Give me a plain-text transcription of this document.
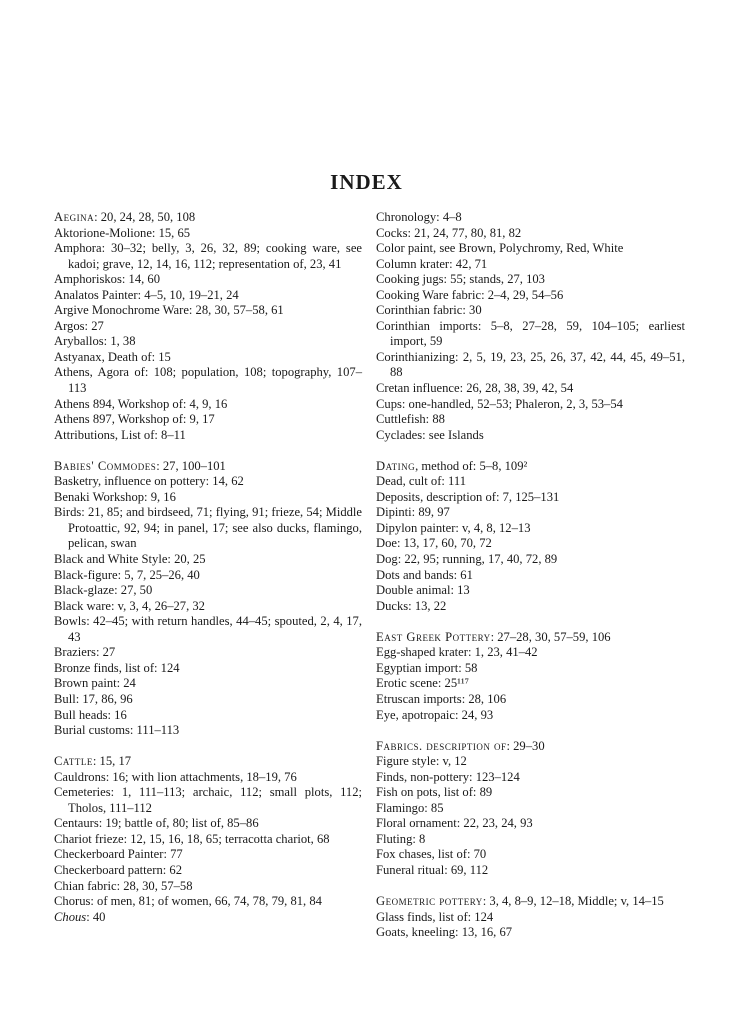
INDEX
Aegina: 20, 24, 28, 50, 108
Aktorione-Molione: 15, 65
Amphora: 30–32; belly, 3, 26, 32, 89; cooking ware, see kadoi; grave, 12, 14, 16, 112; representation of, 23, 41
Amphoriskos: 14, 60
Analatos Painter: 4–5, 10, 19–21, 24
Argive Monochrome Ware: 28, 30, 57–58, 61
Argos: 27
Aryballos: 1, 38
Astyanax, Death of: 15
Athens, Agora of: 108; population, 108; topography, 107–113
Athens 894, Workshop of: 4, 9, 16
Athens 897, Workshop of: 9, 17
Attributions, List of: 8–11
Babies' Commodes: 27, 100–101
Basketry, influence on pottery: 14, 62
Benaki Workshop: 9, 16
Birds: 21, 85; and birdseed, 71; flying, 91; frieze, 54; Middle Protoattic, 92, 94; in panel, 17; see also ducks, flamingo, pelican, swan
Black and White Style: 20, 25
Black-figure: 5, 7, 25–26, 40
Black-glaze: 27, 50
Black ware: v, 3, 4, 26–27, 32
Bowls: 42–45; with return handles, 44–45; spouted, 2, 4, 17, 43
Braziers: 27
Bronze finds, list of: 124
Brown paint: 24
Bull: 17, 86, 96
Bull heads: 16
Burial customs: 111–113
Cattle: 15, 17
Cauldrons: 16; with lion attachments, 18–19, 76
Cemeteries: 1, 111–113; archaic, 112; small plots, 112; Tholos, 111–112
Centaurs: 19; battle of, 80; list of, 85–86
Chariot frieze: 12, 15, 16, 18, 65; terracotta chariot, 68
Checkerboard Painter: 77
Checkerboard pattern: 62
Chian fabric: 28, 30, 57–58
Chorus: of men, 81; of women, 66, 74, 78, 79, 81, 84
Chous: 40
Chronology: 4–8
Cocks: 21, 24, 77, 80, 81, 82
Color paint, see Brown, Polychromy, Red, White
Column krater: 42, 71
Cooking jugs: 55; stands, 27, 103
Cooking Ware fabric: 2–4, 29, 54–56
Corinthian fabric: 30
Corinthian imports: 5–8, 27–28, 59, 104–105; earliest import, 59
Corinthianizing: 2, 5, 19, 23, 25, 26, 37, 42, 44, 45, 49–51, 88
Cretan influence: 26, 28, 38, 39, 42, 54
Cups: one-handled, 52–53; Phaleron, 2, 3, 53–54
Cuttlefish: 88
Cyclades: see Islands
Dating, method of: 5–8, 109²
Dead, cult of: 111
Deposits, description of: 7, 125–131
Dipinti: 89, 97
Dipylon painter: v, 4, 8, 12–13
Doe: 13, 17, 60, 70, 72
Dog: 22, 95; running, 17, 40, 72, 89
Dots and bands: 61
Double animal: 13
Ducks: 13, 22
East Greek Pottery: 27–28, 30, 57–59, 106
Egg-shaped krater: 1, 23, 41–42
Egyptian import: 58
Erotic scene: 25¹¹⁷
Etruscan imports: 28, 106
Eye, apotropaic: 24, 93
Fabrics. description of: 29–30
Figure style: v, 12
Finds, non-pottery: 123–124
Fish on pots, list of: 89
Flamingo: 85
Floral ornament: 22, 23, 24, 93
Fluting: 8
Fox chases, list of: 70
Funeral ritual: 69, 112
Geometric pottery: 3, 4, 8–9, 12–18, Middle; v, 14–15
Glass finds, list of: 124
Goats, kneeling: 13, 16, 67
